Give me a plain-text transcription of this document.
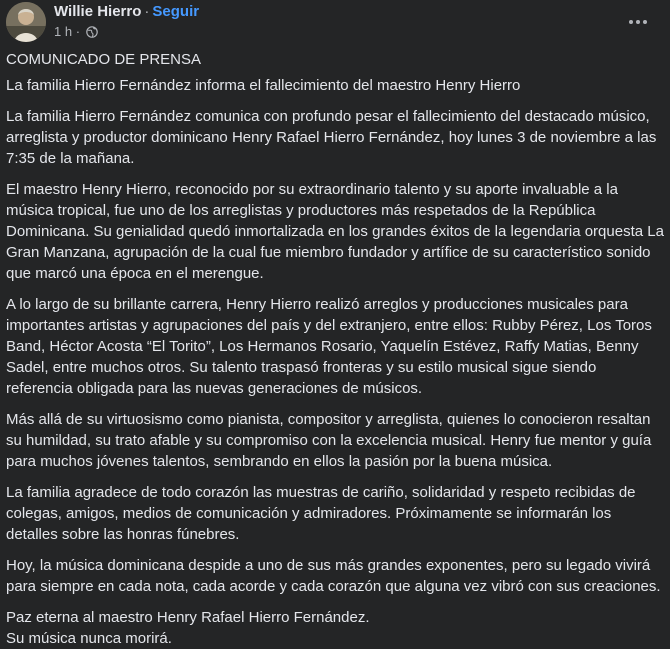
Willie Hierro · Seguir
1 h ·

COMUNICADO DE PRENSA

La familia Hierro Fernández informa el fallecimiento del maestro Henry Hierro

La familia Hierro Fernández comunica con profundo pesar el fallecimiento del destacado músico, arreglista y productor dominicano Henry Rafael Hierro Fernández, hoy lunes 3 de noviembre a las 7:35 de la mañana.

El maestro Henry Hierro, reconocido por su extraordinario talento y su aporte invaluable a la música tropical, fue uno de los arreglistas y productores más respetados de la República Dominicana. Su genialidad quedó inmortalizada en los grandes éxitos de la legendaria orquesta La Gran Manzana, agrupación de la cual fue miembro fundador y artífice de su característico sonido que marcó una época en el merengue.

A lo largo de su brillante carrera, Henry Hierro realizó arreglos y producciones musicales para importantes artistas y agrupaciones del país y del extranjero, entre ellos: Rubby Pérez, Los Toros Band, Héctor Acosta “El Torito”, Los Hermanos Rosario, Yaquelín Estévez, Raffy Matias, Benny Sadel, entre muchos otros. Su talento traspasó fronteras y su estilo musical sigue siendo referencia obligada para las nuevas generaciones de músicos.

Más allá de su virtuosismo como pianista, compositor y arreglista, quienes lo conocieron resaltan su humildad, su trato afable y su compromiso con la excelencia musical. Henry fue mentor y guía para muchos jóvenes talentos, sembrando en ellos la pasión por la buena música.

La familia agradece de todo corazón las muestras de cariño, solidaridad y respeto recibidas de colegas, amigos, medios de comunicación y admiradores. Próximamente se informarán los detalles sobre las honras fúnebres.

Hoy, la música dominicana despide a uno de sus más grandes exponentes, pero su legado vivirá para siempre en cada nota, cada acorde y cada corazón que alguna vez vibró con sus creaciones.

Paz eterna al maestro Henry Rafael Hierro Fernández.
Su música nunca morirá.
